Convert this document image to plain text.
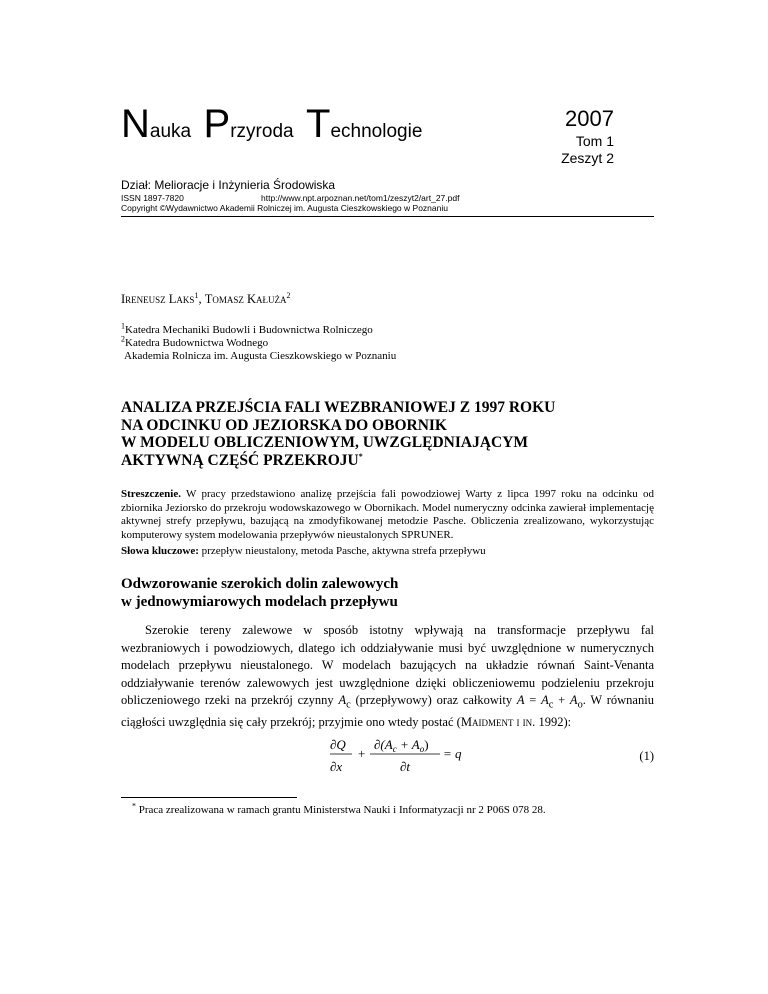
Nauka Przyroda Technologie
2007
Tom 1
Zeszyt 2
Dział: Melioracje i Inżynieria Środowiska
ISSN 1897-7820	http://www.npt.arpoznan.net/tom1/zeszyt2/art_27.pdf
Copyright ©Wydawnictwo Akademii Rolniczej im. Augusta Cieszkowskiego w Poznaniu
Ireneusz Laks$^1$, Tomasz Kałuża$^2$
$^1$Katedra Mechaniki Budowli i Budownictwa Rolniczego
$^2$Katedra Budownictwa Wodnego
Akademia Rolnicza im. Augusta Cieszkowskiego w Poznaniu
ANALIZA PRZEJŚCIA FALI WEZBRANIOWEJ Z 1997 ROKU
NA ODCINKU OD JEZIORSKA DO OBORNIK
W MODELU OBLICZENIOWYM, UWZGLĘDNIAJĄCYM
AKTYWNĄ CZĘŚĆ PRZEKROJU*
Streszczenie. W pracy przedstawiono analizę przejścia fali powodziowej Warty z lipca 1997 roku na odcinku od zbiornika Jeziorsko do przekroju wodowskazowego w Obornikach. Model numeryczny odcinka zawierał implementację aktywnej strefy przepływu, bazującą na zmodyfikowanej metodzie Pasche. Obliczenia zrealizowano, wykorzystując komputerowy system modelowania przepływów nieustalonych SPRUNER.
Słowa kluczowe: przepływ nieustalony, metoda Pasche, aktywna strefa przepływu
Odwzorowanie szerokich dolin zalewowych
w jednowymiarowych modelach przepływu
Szerokie tereny zalewowe w sposób istotny wpływają na transformacje przepływu fal wezbraniowych i powodziowych, dlatego ich oddziaływanie musi być uwzględnione w numerycznych modelach przepływu nieustalonego. W modelach bazujących na układzie równań Saint-Venanta oddziaływanie terenów zalewowych jest uwzględnione dzięki obliczeniowemu podzieleniu przekroju obliczeniowego rzeki na przekrój czynny $A_c$ (przepływowy) oraz całkowity $A = A_c + A_o$. W równaniu ciągłości uwzględnia się cały przekrój; przyjmie ono wtedy postać (Maidment i in. 1992):
∂Q
∂x
+
$\partial(A_c + A_o)$
∂t
= q	(1)
* Praca zrealizowana w ramach grantu Ministerstwa Nauki i Informatyzacji nr 2 P06S 078 28.
